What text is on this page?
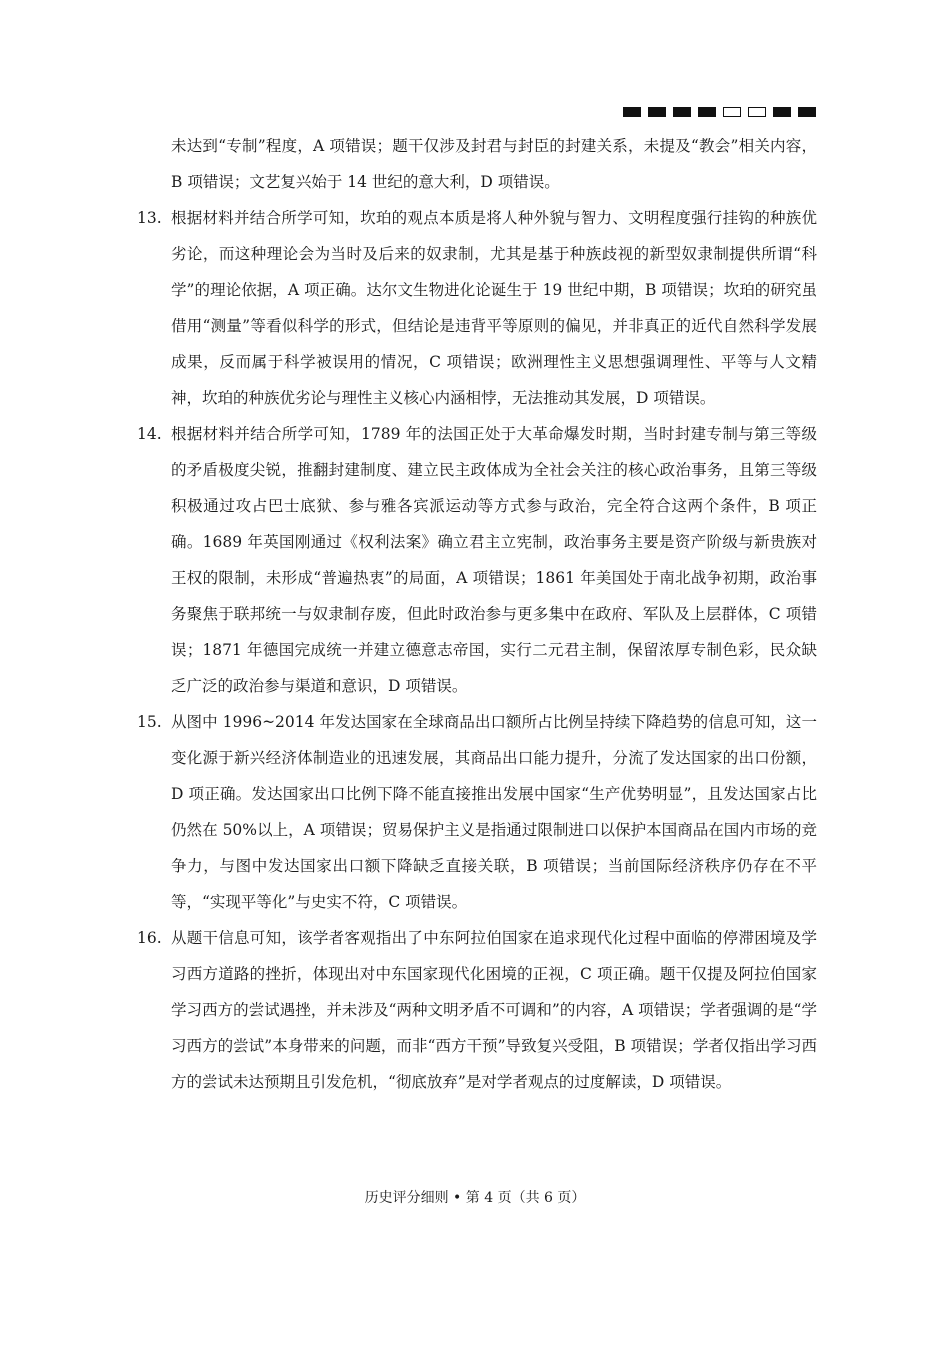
未达到“专制”程度，A 项错误；题干仅涉及封君与封臣的封建关系，未提及“教会”相关内容，B 项错误；文艺复兴始于 14 世纪的意大利，D 项错误。
13. 根据材料并结合所学可知，坎珀的观点本质是将人种外貌与智力、文明程度强行挂钩的种族优劣论，而这种理论会为当时及后来的奴隶制，尤其是基于种族歧视的新型奴隶制提供所谓“科学”的理论依据，A 项正确。达尔文生物进化论诞生于 19 世纪中期，B 项错误；坎珀的研究虽借用“测量”等看似科学的形式，但结论是违背平等原则的偏见，并非真正的近代自然科学发展成果，反而属于科学被误用的情况，C 项错误；欧洲理性主义思想强调理性、平等与人文精神，坎珀的种族优劣论与理性主义核心内涵相悖，无法推动其发展，D 项错误。
14. 根据材料并结合所学可知，1789 年的法国正处于大革命爆发时期，当时封建专制与第三等级的矛盾极度尖锐，推翻封建制度、建立民主政体成为全社会关注的核心政治事务，且第三等级积极通过攻占巴士底狱、参与雅各宾派运动等方式参与政治，完全符合这两个条件，B 项正确。1689 年英国刚通过《权利法案》确立君主立宪制，政治事务主要是资产阶级与新贵族对王权的限制，未形成“普遍热衷”的局面，A 项错误；1861 年美国处于南北战争初期，政治事务聚焦于联邦统一与奴隶制存废，但此时政治参与更多集中在政府、军队及上层群体，C 项错误；1871 年德国完成统一并建立德意志帝国，实行二元君主制，保留浓厚专制色彩，民众缺乏广泛的政治参与渠道和意识，D 项错误。
15. 从图中 1996~2014 年发达国家在全球商品出口额所占比例呈持续下降趋势的信息可知，这一变化源于新兴经济体制造业的迅速发展，其商品出口能力提升，分流了发达国家的出口份额，D 项正确。发达国家出口比例下降不能直接推出发展中国家“生产优势明显”，且发达国家占比仍然在 50%以上，A 项错误；贸易保护主义是指通过限制进口以保护本国商品在国内市场的竞争力，与图中发达国家出口额下降缺乏直接关联，B 项错误；当前国际经济秩序仍存在不平等，“实现平等化”与史实不符，C 项错误。
16. 从题干信息可知，该学者客观指出了中东阿拉伯国家在追求现代化过程中面临的停滞困境及学习西方道路的挫折，体现出对中东国家现代化困境的正视，C 项正确。题干仅提及阿拉伯国家学习西方的尝试遇挫，并未涉及“两种文明矛盾不可调和”的内容，A 项错误；学者强调的是“学习西方的尝试”本身带来的问题，而非“西方干预”导致复兴受阻，B 项错误；学者仅指出学习西方的尝试未达预期且引发危机，“彻底放弃”是对学者观点的过度解读，D 项错误。
历史评分细则 • 第 4 页（共 6 页）
